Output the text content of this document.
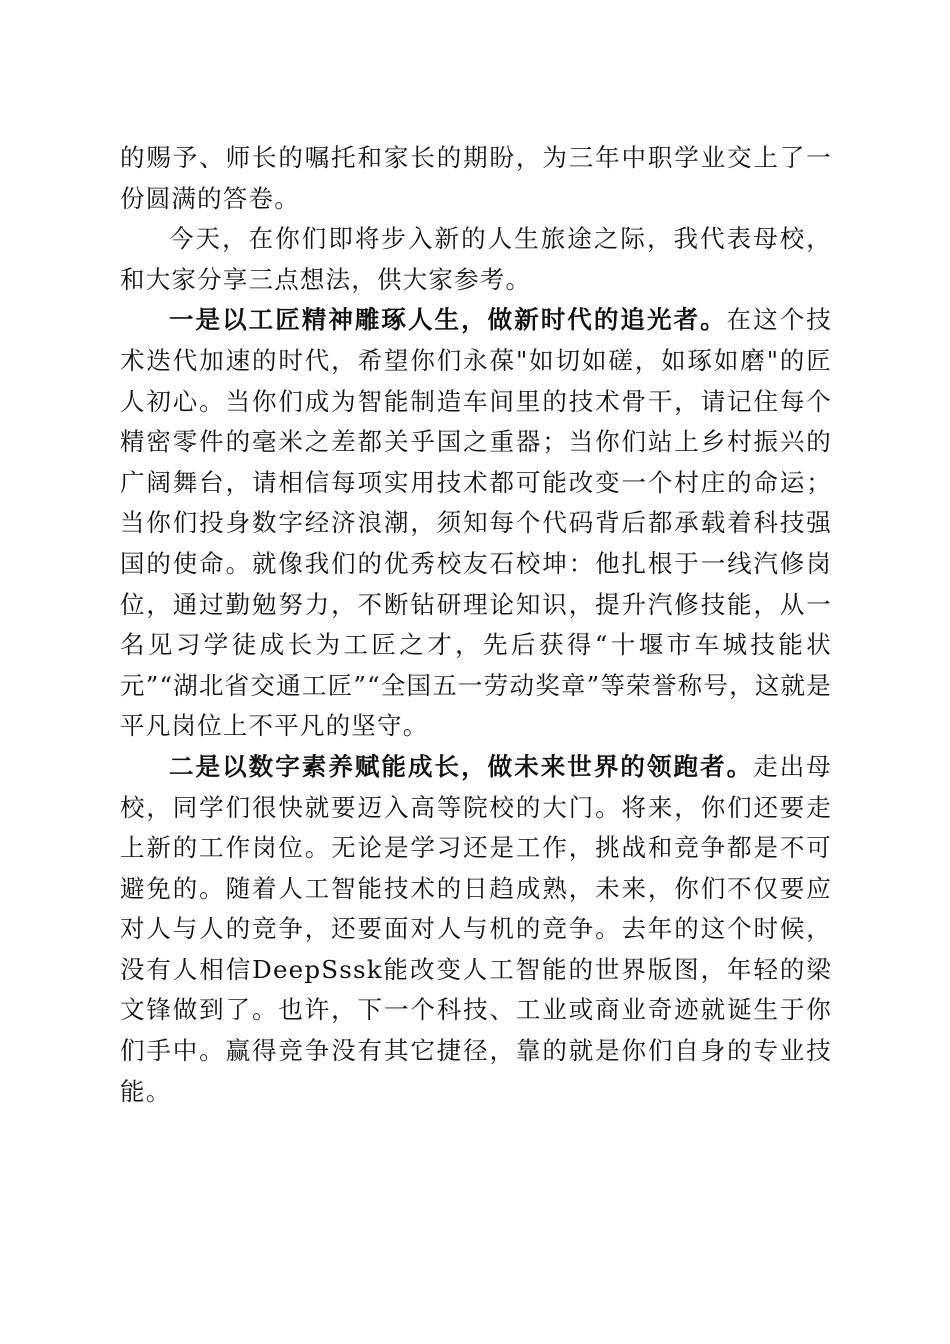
的赐予、师长的嘱托和家长的期盼，为三年中职学业交上了一份圆满的答卷。

今天，在你们即将步入新的人生旅途之际，我代表母校，和大家分享三点想法，供大家参考。

一是以工匠精神雕琢人生，做新时代的追光者。在这个技术迭代加速的时代，希望你们永葆"如切如磋，如琢如磨"的匠人初心。当你们成为智能制造车间里的技术骨干，请记住每个精密零件的毫米之差都关乎国之重器；当你们站上乡村振兴的广阔舞台，请相信每项实用技术都可能改变一个村庄的命运；当你们投身数字经济浪潮，须知每个代码背后都承载着科技强国的使命。就像我们的优秀校友石校坤：他扎根于一线汽修岗位，通过勤勉努力，不断钻研理论知识，提升汽修技能，从一名见习学徒成长为工匠之才，先后获得“十堰市车城技能状元”“湖北省交通工匠”“全国五一劳动奖章”等荣誉称号，这就是平凡岗位上不平凡的坚守。

二是以数字素养赋能成长，做未来世界的领跑者。走出母校，同学们很快就要迈入高等院校的大门。将来，你们还要走上新的工作岗位。无论是学习还是工作，挑战和竞争都是不可避免的。随着人工智能技术的日趋成熟，未来，你们不仅要应对人与人的竞争，还要面对人与机的竞争。去年的这个时候，没有人相信DeepSssk能改变人工智能的世界版图，年轻的梁文锋做到了。也许，下一个科技、工业或商业奇迹就诞生于你们手中。赢得竞争没有其它捷径，靠的就是你们自身的专业技能。
